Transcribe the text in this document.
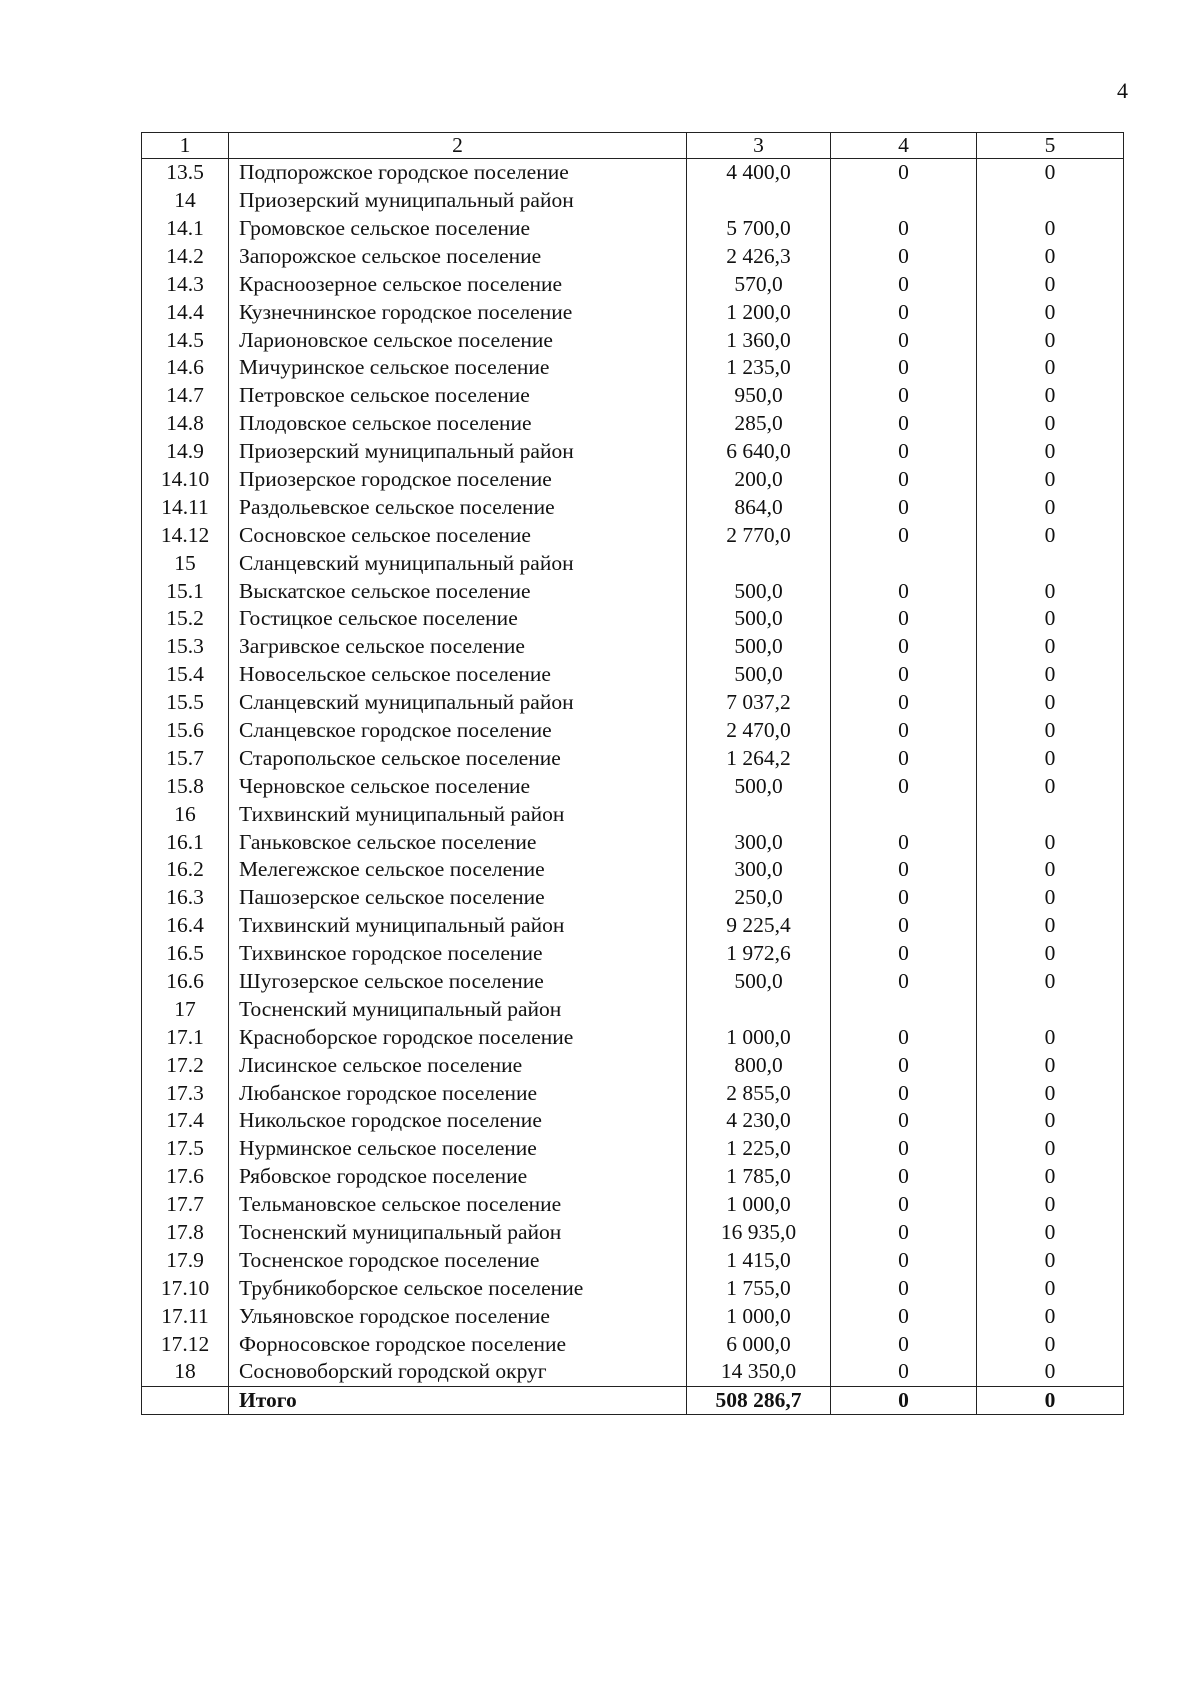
4
1	2	3	4	5
13.5	Подпорожское городское поселение	4 400,0	0	0
14	Приозерский муниципальный район			
14.1	Громовское сельское поселение	5 700,0	0	0
14.2	Запорожское сельское поселение	2 426,3	0	0
14.3	Красноозерное сельское поселение	570,0	0	0
14.4	Кузнечнинское городское поселение	1 200,0	0	0
14.5	Ларионовское сельское поселение	1 360,0	0	0
14.6	Мичуринское сельское поселение	1 235,0	0	0
14.7	Петровское сельское поселение	950,0	0	0
14.8	Плодовское сельское поселение	285,0	0	0
14.9	Приозерский муниципальный район	6 640,0	0	0
14.10	Приозерское городское поселение	200,0	0	0
14.11	Раздольевское сельское поселение	864,0	0	0
14.12	Сосновское сельское поселение	2 770,0	0	0
15	Сланцевский муниципальный район			
15.1	Выскатское сельское поселение	500,0	0	0
15.2	Гостицкое сельское поселение	500,0	0	0
15.3	Загривское сельское поселение	500,0	0	0
15.4	Новосельское сельское поселение	500,0	0	0
15.5	Сланцевский муниципальный район	7 037,2	0	0
15.6	Сланцевское городское поселение	2 470,0	0	0
15.7	Старопольское сельское поселение	1 264,2	0	0
15.8	Черновское сельское поселение	500,0	0	0
16	Тихвинский муниципальный район			
16.1	Ганьковское сельское поселение	300,0	0	0
16.2	Мелегежское сельское поселение	300,0	0	0
16.3	Пашозерское сельское поселение	250,0	0	0
16.4	Тихвинский муниципальный район	9 225,4	0	0
16.5	Тихвинское городское поселение	1 972,6	0	0
16.6	Шугозерское сельское поселение	500,0	0	0
17	Тосненский муниципальный район			
17.1	Красноборское городское поселение	1 000,0	0	0
17.2	Лисинское сельское поселение	800,0	0	0
17.3	Любанское городское поселение	2 855,0	0	0
17.4	Никольское городское поселение	4 230,0	0	0
17.5	Нурминское сельское поселение	1 225,0	0	0
17.6	Рябовское городское поселение	1 785,0	0	0
17.7	Тельмановское сельское поселение	1 000,0	0	0
17.8	Тосненский муниципальный район	16 935,0	0	0
17.9	Тосненское городское поселение	1 415,0	0	0
17.10	Трубникоборское сельское поселение	1 755,0	0	0
17.11	Ульяновское городское поселение	1 000,0	0	0
17.12	Форносовское городское поселение	6 000,0	0	0
18	Сосновоборский городской округ	14 350,0	0	0
	Итого	508 286,7	0	0
